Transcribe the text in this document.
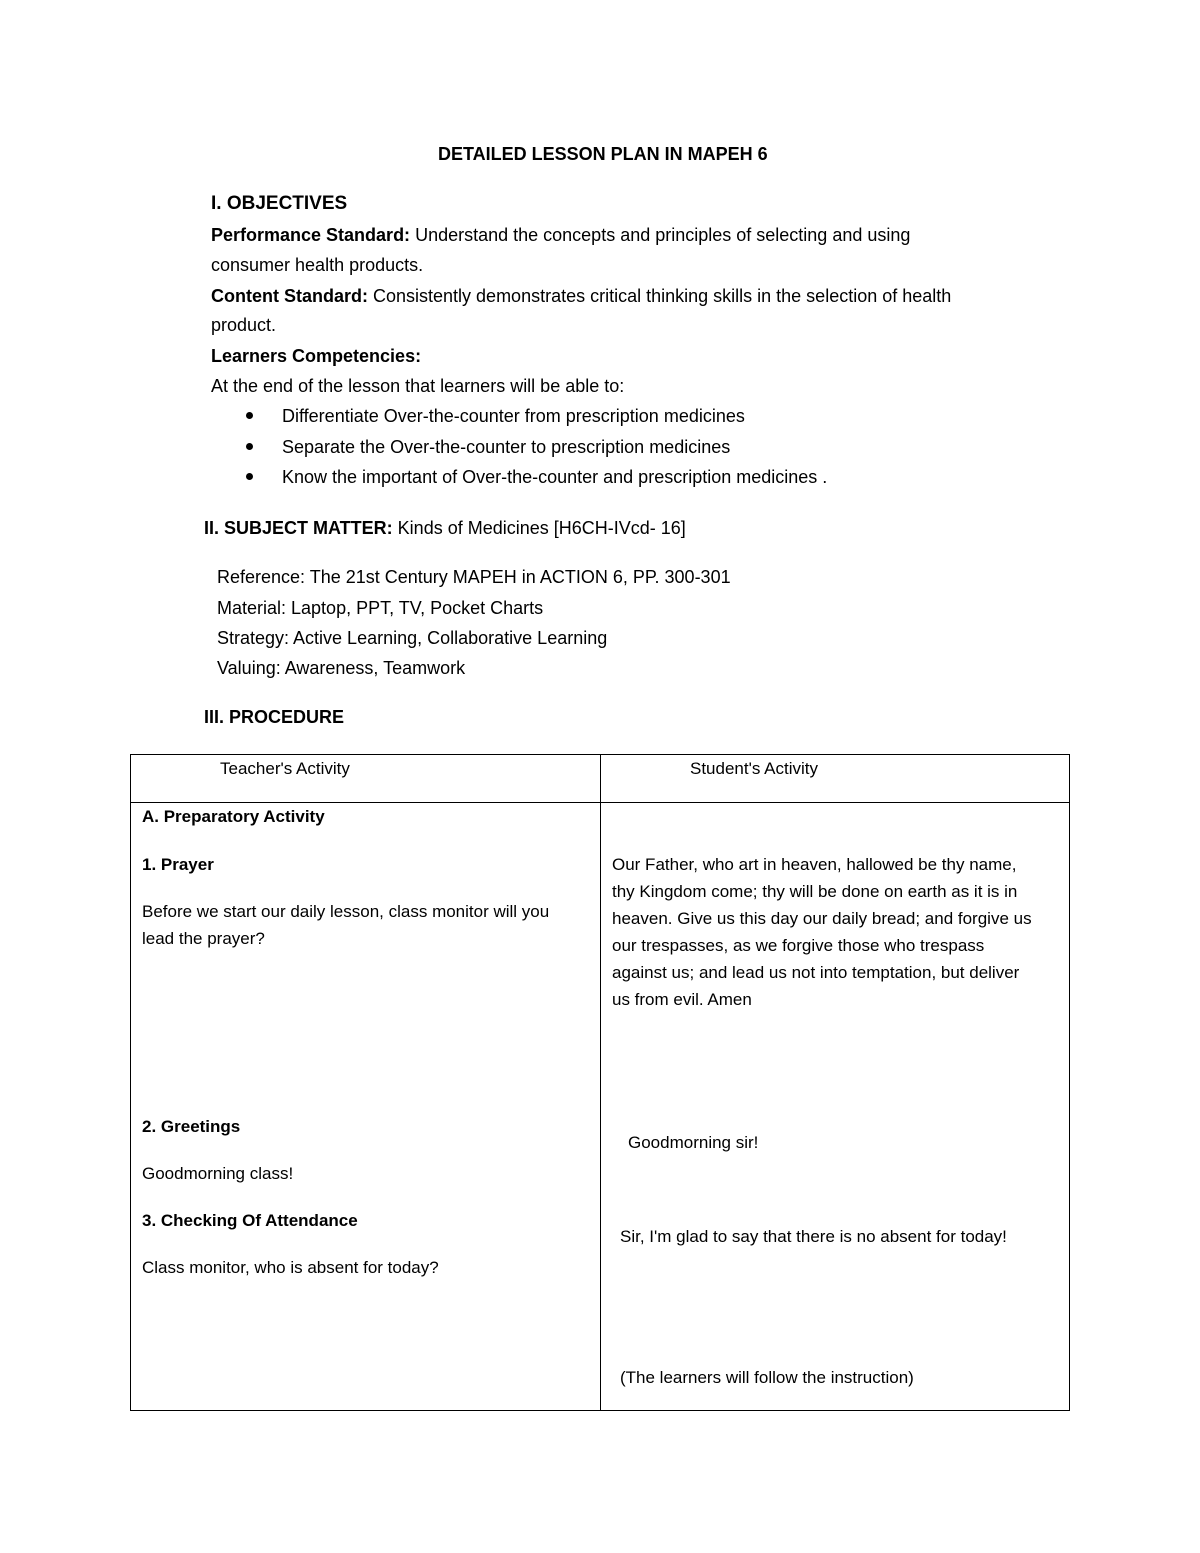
DETAILED LESSON PLAN IN MAPEH 6
I. OBJECTIVES
Performance Standard: Understand the concepts and principles of selecting and using
consumer health products.
Content Standard: Consistently demonstrates critical thinking skills in the selection of health
product.
Learners Competencies:
At the end of the lesson that learners will be able to:
Differentiate Over-the-counter from prescription medicines
Separate the Over-the-counter to prescription medicines
Know the important of Over-the-counter and prescription medicines .
II. SUBJECT MATTER: Kinds of Medicines [H6CH-IVcd- 16]
Reference: The 21st Century MAPEH in ACTION 6, PP. 300-301
Material: Laptop, PPT, TV, Pocket Charts
Strategy: Active Learning, Collaborative Learning
Valuing: Awareness, Teamwork
III. PROCEDURE
Teacher's Activity	Student's Activity
A. Preparatory Activity
1. Prayer
Before we start our daily lesson, class monitor will you
lead the prayer?
2. Greetings
Goodmorning class!
3. Checking Of Attendance
Class monitor, who is absent for today?
Our Father, who art in heaven, hallowed be thy name,
thy Kingdom come; thy will be done on earth as it is in
heaven. Give us this day our daily bread; and forgive us
our trespasses, as we forgive those who trespass
against us; and lead us not into temptation, but deliver
us from evil. Amen
Goodmorning sir!
Sir, I'm glad to say that there is no absent for today!
(The learners will follow the instruction)
